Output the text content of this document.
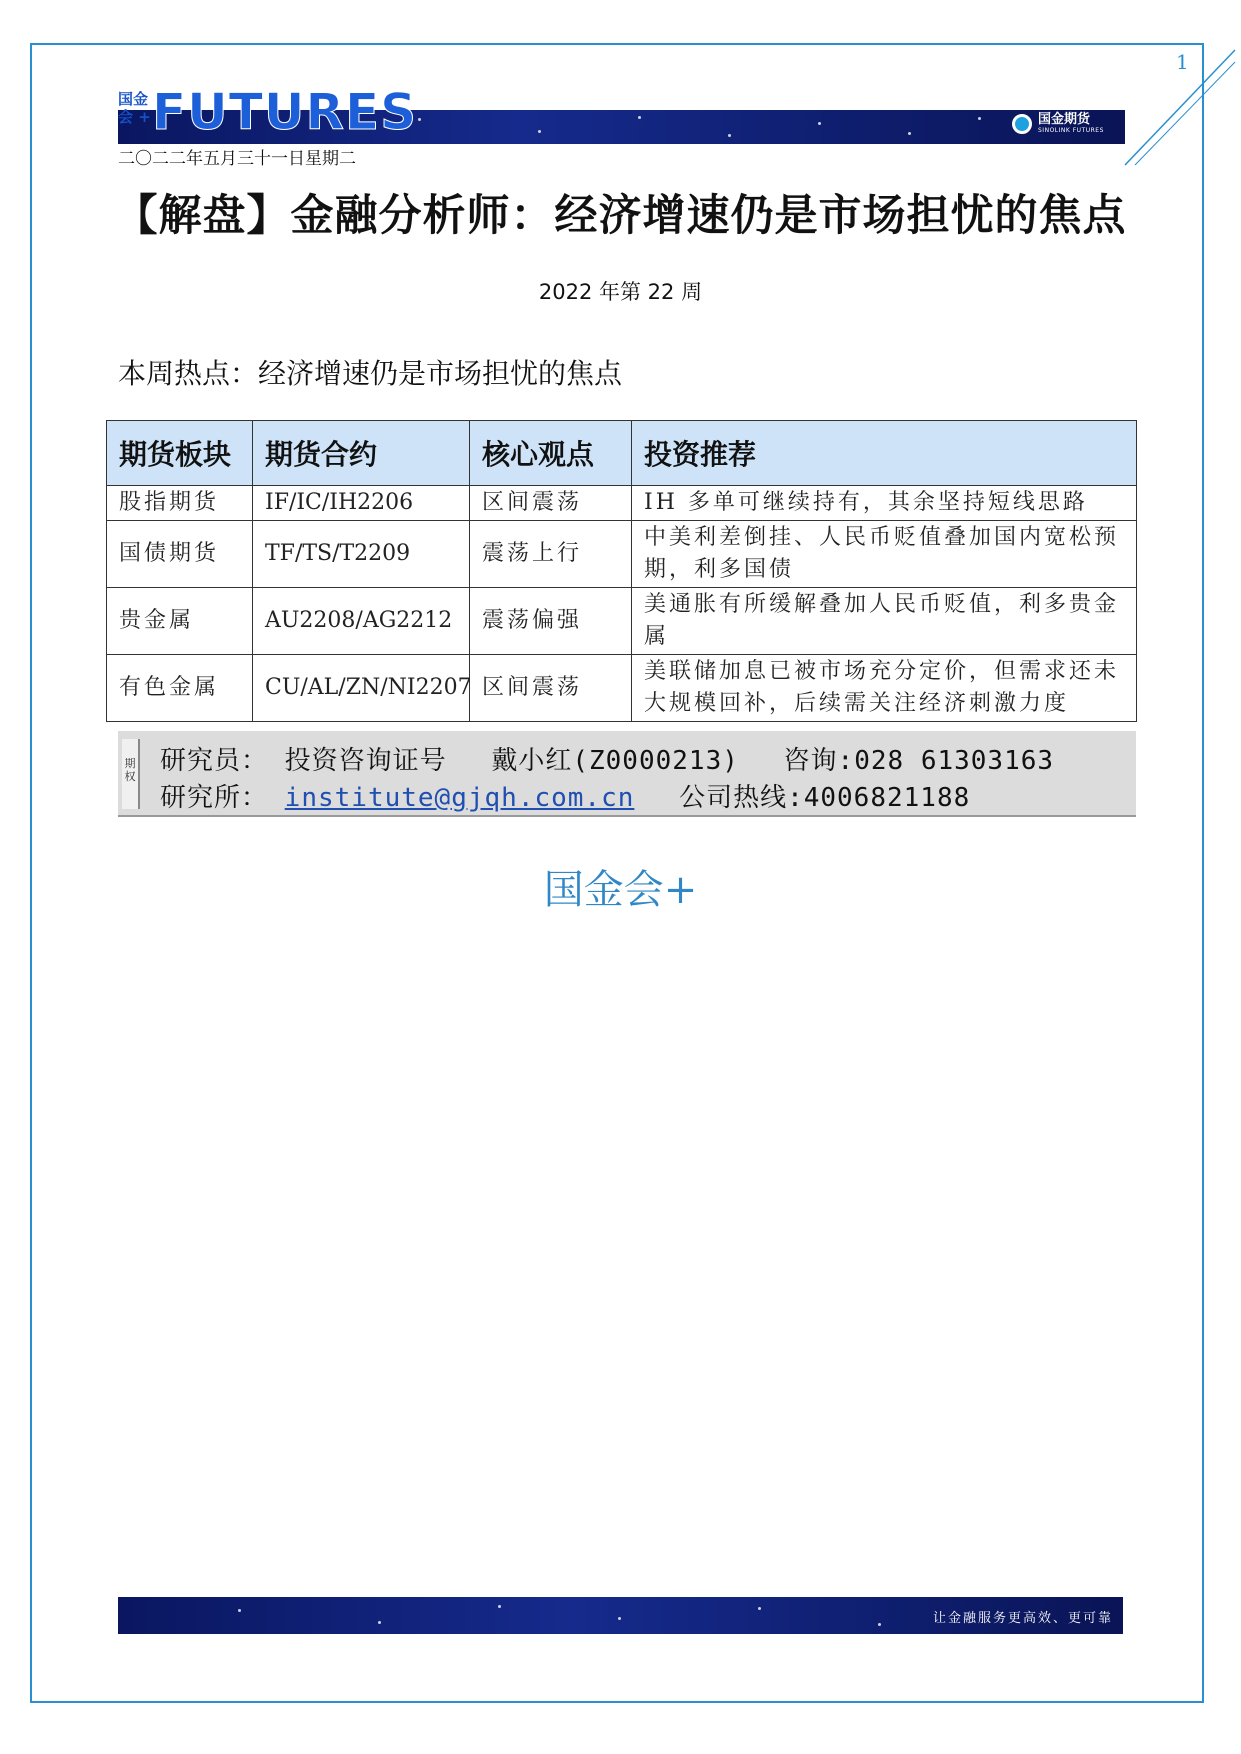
1
国金
会 + FUTURES	国金期货
SINOLINK FUTURES
二〇二二年五月三十一日星期二
【解盘】金融分析师：经济增速仍是市场担忧的焦点
2022 年第 22 周
本周热点：经济增速仍是市场担忧的焦点
期货板块	期货合约	核心观点	投资推荐
股指期货	IF/IC/IH2206	区间震荡	IH 多单可继续持有，其余坚持短线思路
国债期货	TF/TS/T2209	震荡上行	中美利差倒挂、人民币贬值叠加国内宽松预期，利多国债
贵金属	AU2208/AG2212	震荡偏强	美通胀有所缓解叠加人民币贬值，利多贵金属
有色金属	CU/AL/ZN/NI2207	区间震荡	美联储加息已被市场充分定价，但需求还未大规模回补，后续需关注经济刺激力度
期权
研究员： 投资咨询证号 戴小红(Z0000213) 咨询:028 61303163
研究所： institute@gjqh.com.cn 公司热线:4006821188
国金会+
让金融服务更高效、更可靠
